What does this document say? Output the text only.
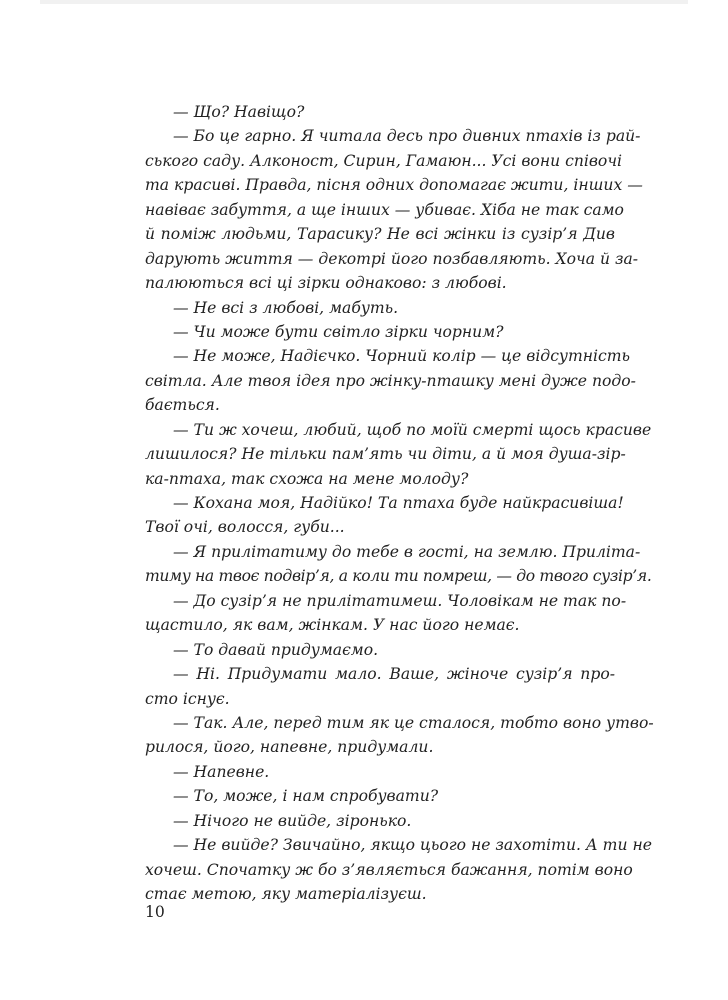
— Що? Навіщо?
— Бо це гарно. Я читала десь про дивних птахів із рай-
ського саду. Алконост, Сирин, Гамаюн... Усі вони співочі
та красиві. Правда, пісня одних допомагає жити, інших —
навіває забуття, а ще інших — убиває. Хіба не так само
й поміж людьми, Тарасику? Не всі жінки із сузір’я Див
дарують життя — декотрі його позбавляють. Хоча й за-
палюються всі ці зірки однаково: з любові.
— Не всі з любові, мабуть.
— Чи може бути світло зірки чорним?
— Не може, Надієчко. Чорний колір — це відсутність
світла. Але твоя ідея про жінку-пташку мені дуже подо-
бається.
— Ти ж хочеш, любий, щоб по моїй смерті щось красиве
лишилося? Не тільки пам’ять чи діти, а й моя душа-зір-
ка-птаха, так схожа на мене молоду?
— Кохана моя, Надійко! Та птаха буде найкрасивіша!
Твої очі, волосся, губи...
— Я прилітатиму до тебе в гості, на землю. Прилітa-
тиму на твоє подвір’я, а коли ти помреш, — до твого сузір’я.
— До сузір’я не прилітатимеш. Чоловікам не так по-
щастило, як вам, жінкам. У нас його немає.
— То давай придумаємо.
— Ні. Придумати мало. Ваше, жіноче сузір’я про-
сто існує.
— Так. Але, перед тим як це сталося, тобто воно утво-
рилося, його, напевне, придумали.
— Напевне.
— То, може, і нам спробувати?
— Нічого не вийде, зіронько.
— Не вийде? Звичайно, якщо цього не захотіти. А ти не
хочеш. Спочатку ж бо з’являється бажання, потім воно
стає метою, яку матеріалізуєш.
10
